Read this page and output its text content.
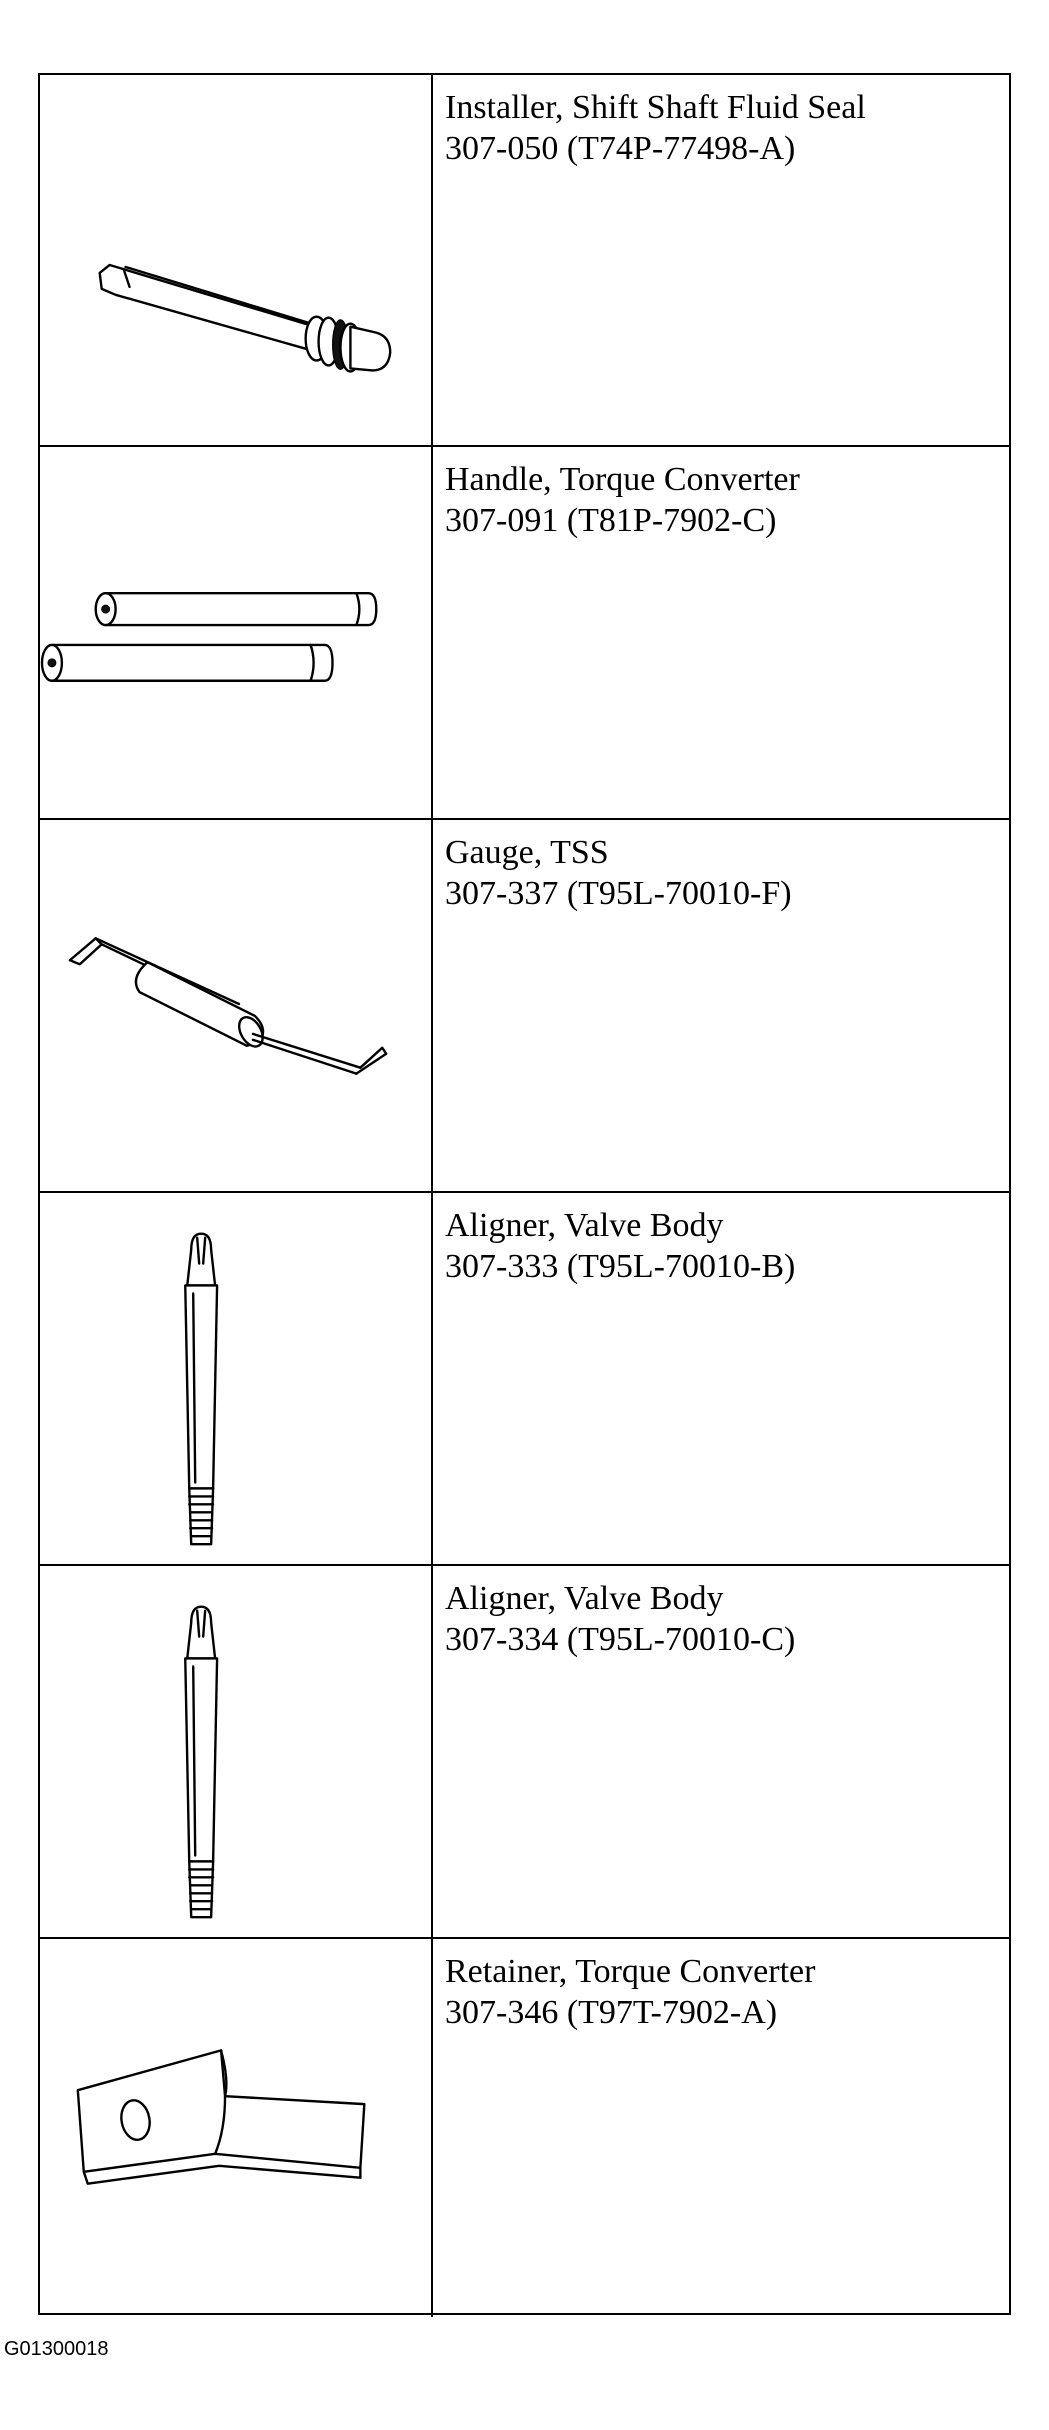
Installer, Shift Shaft Fluid Seal
307-050 (T74P-77498-A)
Handle, Torque Converter
307-091 (T81P-7902-C)
Gauge, TSS
307-337 (T95L-70010-F)
Aligner, Valve Body
307-333 (T95L-70010-B)
Aligner, Valve Body
307-334 (T95L-70010-C)
Retainer, Torque Converter
307-346 (T97T-7902-A)
G01300018
